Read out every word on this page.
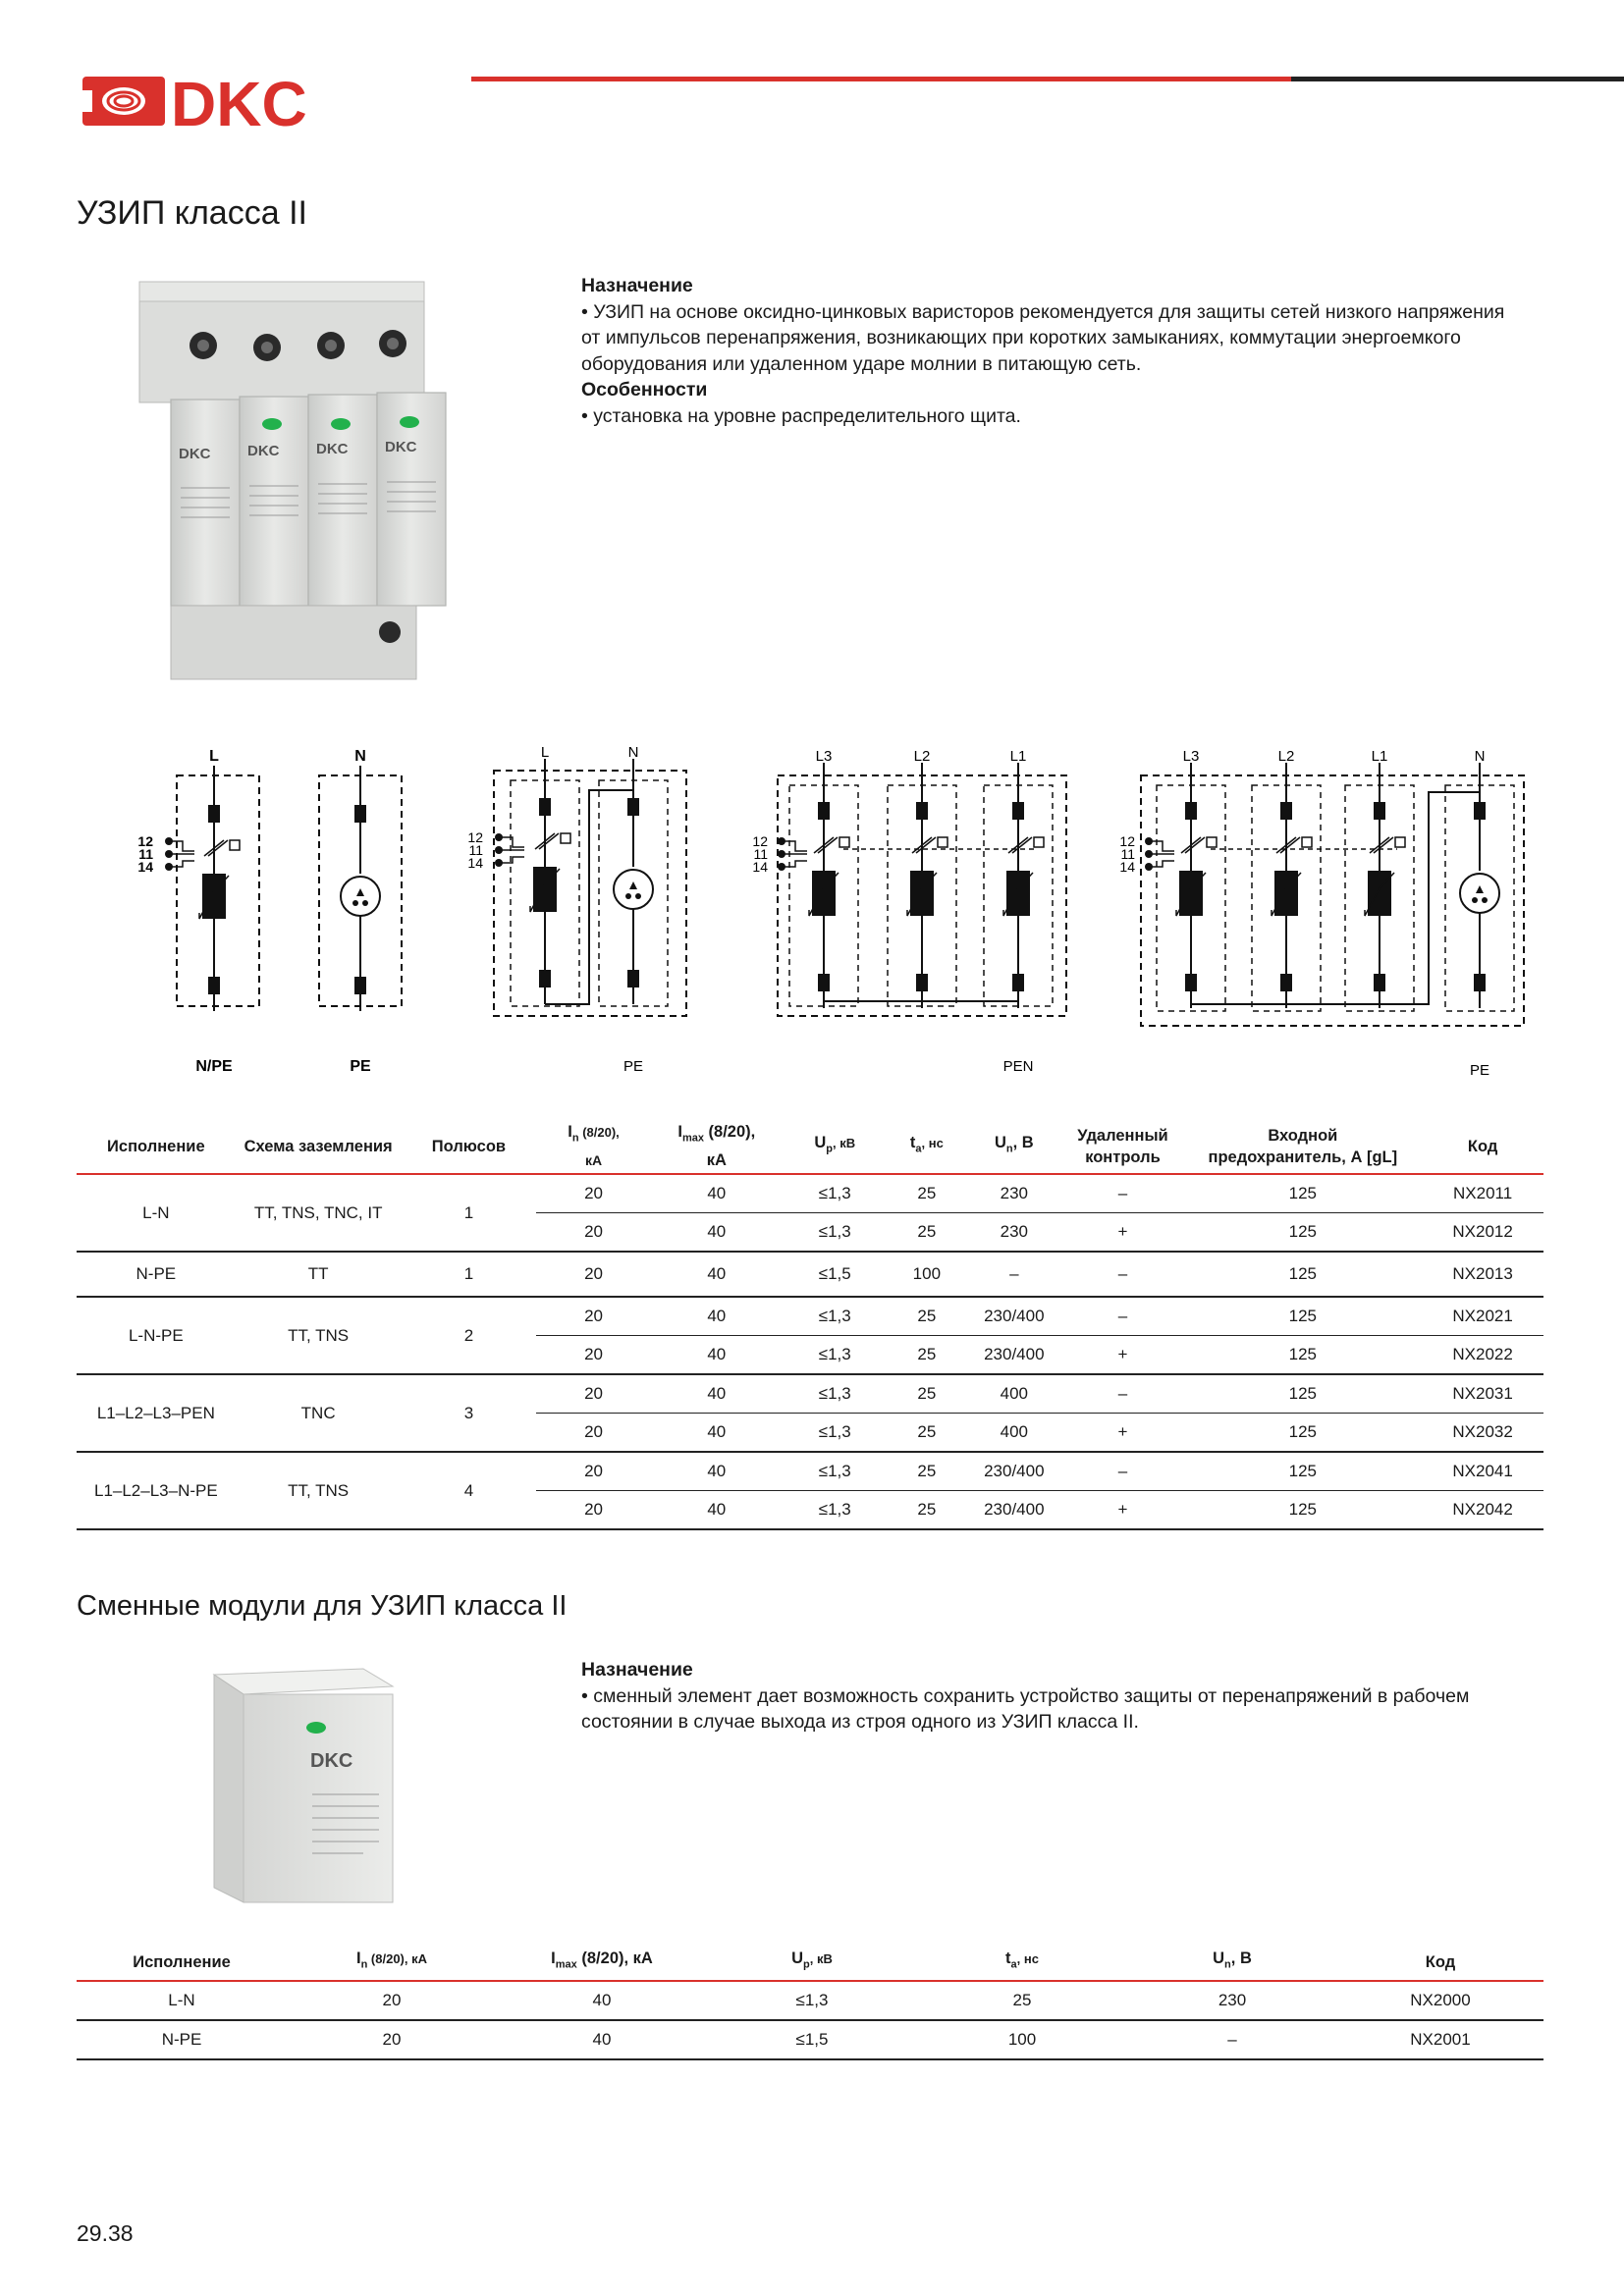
DKC
УЗИП класса II
DKC	DKC	DKC	DKC
Назначение
• УЗИП на основе оксидно-цинковых варисторов рекомендуется для защиты сетей низкого напряжения от импульсов перенапряжения, возникающих при коротких замыканиях, коммутации энергоемкого оборудования или удаленном ударе молнии в питающую сеть.
Особенности
• установка на уровне распределительного щита.
L
N/PE
12
11
14
N
PE
L	N
PE
12
11
14
L3	L2	L1
PEN
12
11
14
L3	L2	L1	N
PE
12
11
14
Исполнение	Схема заземления	Полюсов	$I_n$ (8/20),
кА	$I_{max}$ (8/20),
кА	$U_p$, кВ	$t_a$, нс	$U_n$, В	Удаленный
контроль	Входной
предохранитель, А [gL]	Код
L-N	TT, TNS, TNC, IT	1	20	40	≤1,3	25	230	–	125	NX2011
			20	40	≤1,3	25	230	+	125	NX2012
N-PE	TT	1	20	40	≤1,5	100	–	–	125	NX2013
L-N-PE	TT, TNS	2	20	40	≤1,3	25	230/400	–	125	NX2021
			20	40	≤1,3	25	230/400	+	125	NX2022
L1–L2–L3–PEN	TNC	3	20	40	≤1,3	25	400	–	125	NX2031
			20	40	≤1,3	25	400	+	125	NX2032
L1–L2–L3–N-PE	TT, TNS	4	20	40	≤1,3	25	230/400	–	125	NX2041
			20	40	≤1,3	25	230/400	+	125	NX2042
Сменные модули для УЗИП класса II
DKC
Назначение
• сменный элемент дает возможность сохранить устройство защиты от перенапряжений в рабочем состоянии в случае выхода из строя одного из УЗИП класса II.
Исполнение	$I_n$ (8/20), кА	$I_{max}$ (8/20), кА	$U_p$, кВ	$t_a$, нс	$U_n$, В	Код
L-N	20	40	≤1,3	25	230	NX2000
N-PE	20	40	≤1,5	100	–	NX2001
29.38
